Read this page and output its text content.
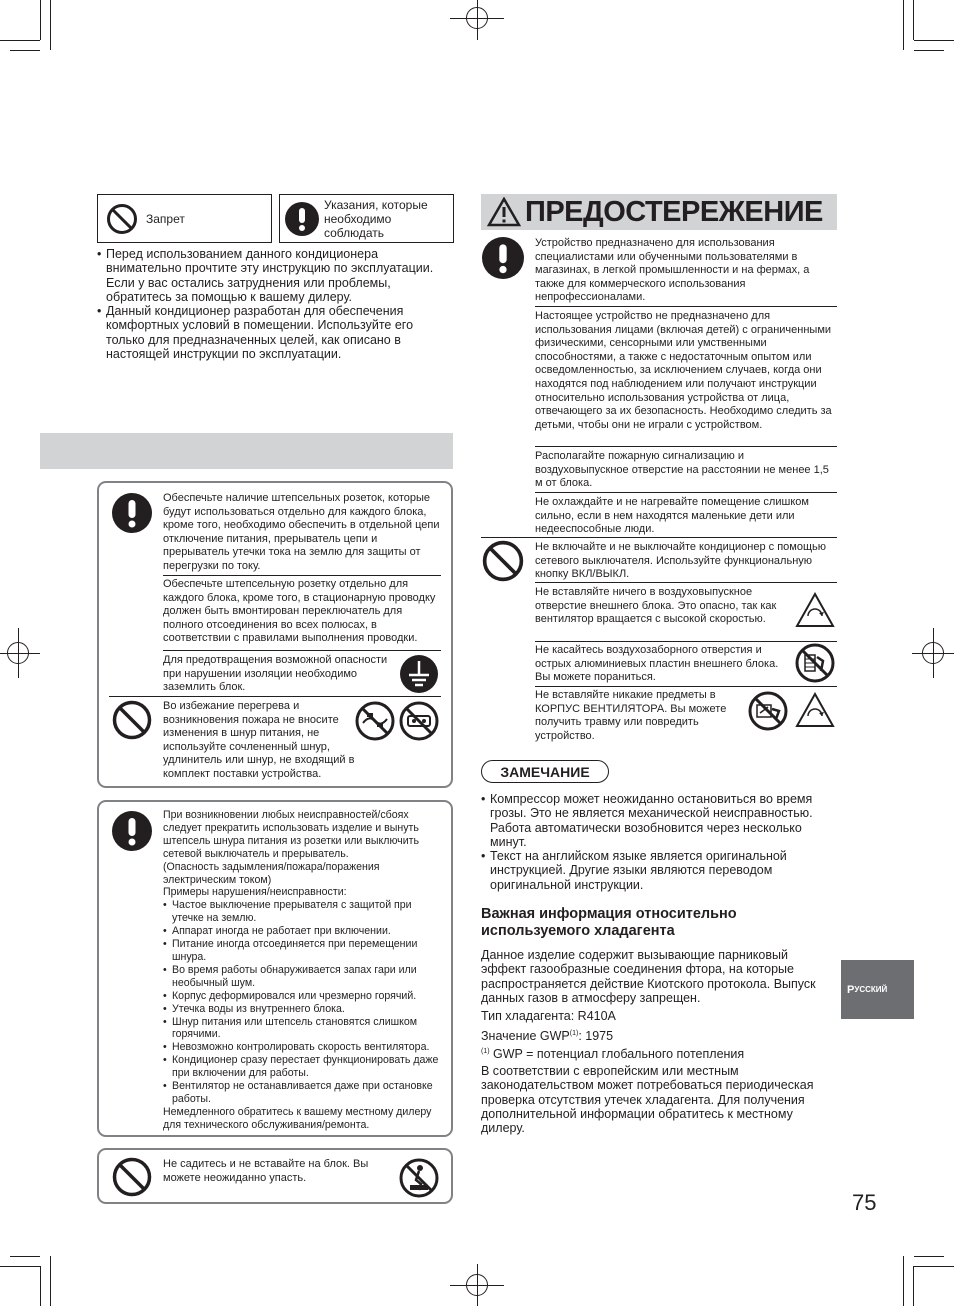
Запрет
Указания, которые необходимо соблюдать
• Перед использованием данного кондиционера внимательно прочтите эту инструкцию по эксплуатации. Если у вас остались затруднения или проблемы, обратитесь за помощью к вашему дилеру.
• Данный кондиционер разработан для обеспечения комфортных условий в помещении. Используйте его только для предназначенных целей, как описано в настоящей инструкции по эксплуатации.
Обеспечьте наличие штепсельных розеток, которые будут использоваться отдельно для каждого блока, кроме того, необходимо обеспечить в отдельной цепи отключение питания, прерыватель цепи и прерыватель утечки тока на землю для защиты от перегрузки по току.
Обеспечьте штепсельную розетку отдельно для каждого блока, кроме того, в стационарную проводку должен быть вмонтирован переключатель для полного отсоединения во всех полюсах, в соответствии с правилами выполнения проводки.
Для предотвращения возможной опасности при нарушении изоляции необходимо заземлить блок.
Во избежание перегрева и возникновения пожара не вносите изменения в шнур питания, не используйте сочлененный шнур, удлинитель или шнур, не входящий в комплект поставки устройства.
При возникновении любых неисправностей/сбоях следует прекратить использовать изделие и вынуть штепсель шнура питания из розетки или выключить сетевой выключатель и прерыватель.
(Опасность задымления/пожара/поражения электрическим током)
Примеры нарушения/неисправности:
• Частое выключение прерывателя с защитой при утечке на землю.
• Аппарат иногда не работает при включении.
• Питание иногда отсоединяется при перемещении шнура.
• Во время работы обнаруживается запах гари или необычный шум.
• Корпус деформировался или чрезмерно горячий.
• Утечка воды из внутреннего блока.
• Шнур питания или штепсель становятся слишком горячими.
• Невозможно контролировать скорость вентилятора.
• Кондиционер сразу перестает функционировать даже при включении для работы.
• Вентилятор не останавливается даже при остановке работы.
Немедленного обратитесь к вашему местному дилеру для технического обслуживания/ремонта.
Не садитесь и не вставайте на блок. Вы можете неожиданно упасть.
ПРЕДОСТЕРЕЖЕНИЕ
Устройство предназначено для использования специалистами или обученными пользователями в магазинах, в легкой промышленности и на фермах, а также для коммерческого использования непрофессионалами.
Настоящее устройство не предназначено для использования лицами (включая детей) с ограниченными физическими, сенсорными или умственными способностями, а также с недостаточным опытом или осведомленностью, за исключением случаев, когда они находятся под наблюдением или получают инструкции относительно использования устройства от лица, отвечающего за их безопасность. Необходимо следить за детьми, чтобы они не играли с устройством.
Располагайте пожарную сигнализацию и воздуховыпускное отверстие на расстоянии не менее 1,5 м от блока.
Не охлаждайте и не нагревайте помещение слишком сильно, если в нем находятся маленькие дети или недееспособные люди.
Не включайте и не выключайте кондиционер с помощью сетевого выключателя. Используйте функциональную кнопку ВКЛ/ВЫКЛ.
Не вставляйте ничего в воздуховыпускное отверстие внешнего блока. Это опасно, так как вентилятор вращается с высокой скоростью.
Не касайтесь воздухозаборного отверстия и острых алюминиевых пластин внешнего блока. Вы можете пораниться.
Не вставляйте никакие предметы в КОРПУС ВЕНТИЛЯТОРА. Вы можете получить травму или повредить устройство.
ЗАМЕЧАНИЕ
• Компрессор может неожиданно остановиться во время грозы. Это не является механической неисправностью. Работа автоматически возобновится через несколько минут.
• Текст на английском языке является оригинальной инструкцией. Другие языки являются переводом оригинальной инструкции.
Важная информация относительно используемого хладагента
Данное изделие содержит вызывающие парниковый эффект газообразные соединения фтора, на которые распространяется действие Киотского протокола. Выпуск данных газов в атмосферу запрещен.
Тип хладагента: R410A
Значение GWP$^{(1)}$: 1975
$^{(1)}$ GWP = потенциал глобального потепления
В соответствии с европейским или местным законодательством может потребоваться периодическая проверка отсутствия утечек хладагента. Для получения дополнительной информации обратитесь к местному дилеру.
Р УССКИЙ
75
